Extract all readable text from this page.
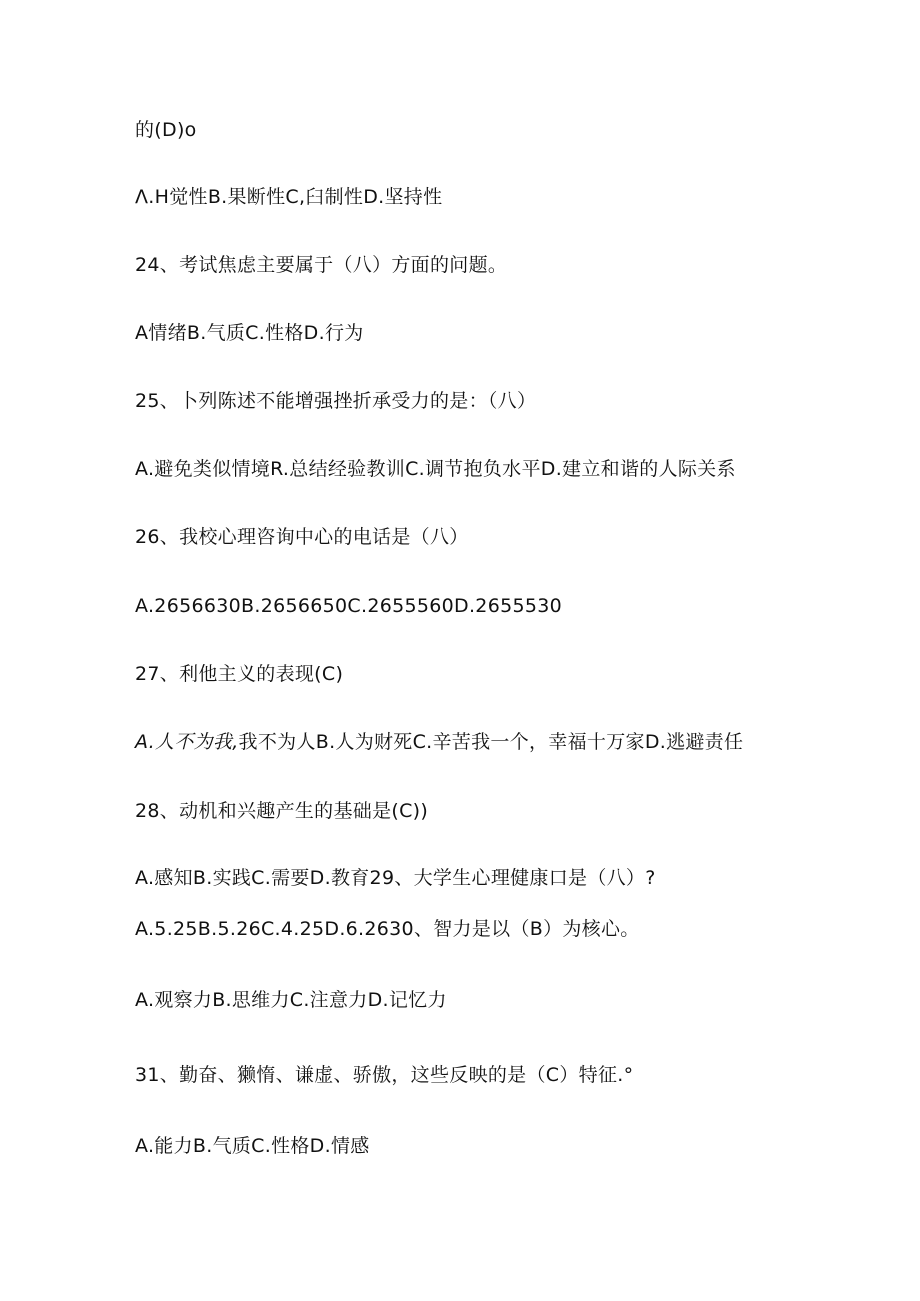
的(D)o
Λ.H觉性B.果断性C,臼制性D.坚持性
24、考试焦虑主要属于（八）方面的问题。
A情绪B.气质C.性格D.行为
25、卜列陈述不能增强挫折承受力的是：（八）
A.避免类似情境R.总结经验教训C.调节抱负水平D.建立和谐的人际关系
26、我校心理咨询中心的电话是（八）
A.2656630B.2656650C.2655560D.2655530
27、利他主义的表现(C)
A.人不为我,我不为人B.人为财死C.辛苦我一个，幸福十万家D.逃避责任
28、动机和兴趣产生的基础是(C))
A.感知B.实践C.需要D.教育29、大学生心理健康口是（八）?
A.5.25B.5.26C.4.25D.6.2630、智力是以（B）为核心。
A.观察力B.思维力C.注意力D.记忆力
31、勤奋、獭惰、谦虚、骄傲，这些反映的是（C）特征.°
A.能力B.气质C.性格D.情感
